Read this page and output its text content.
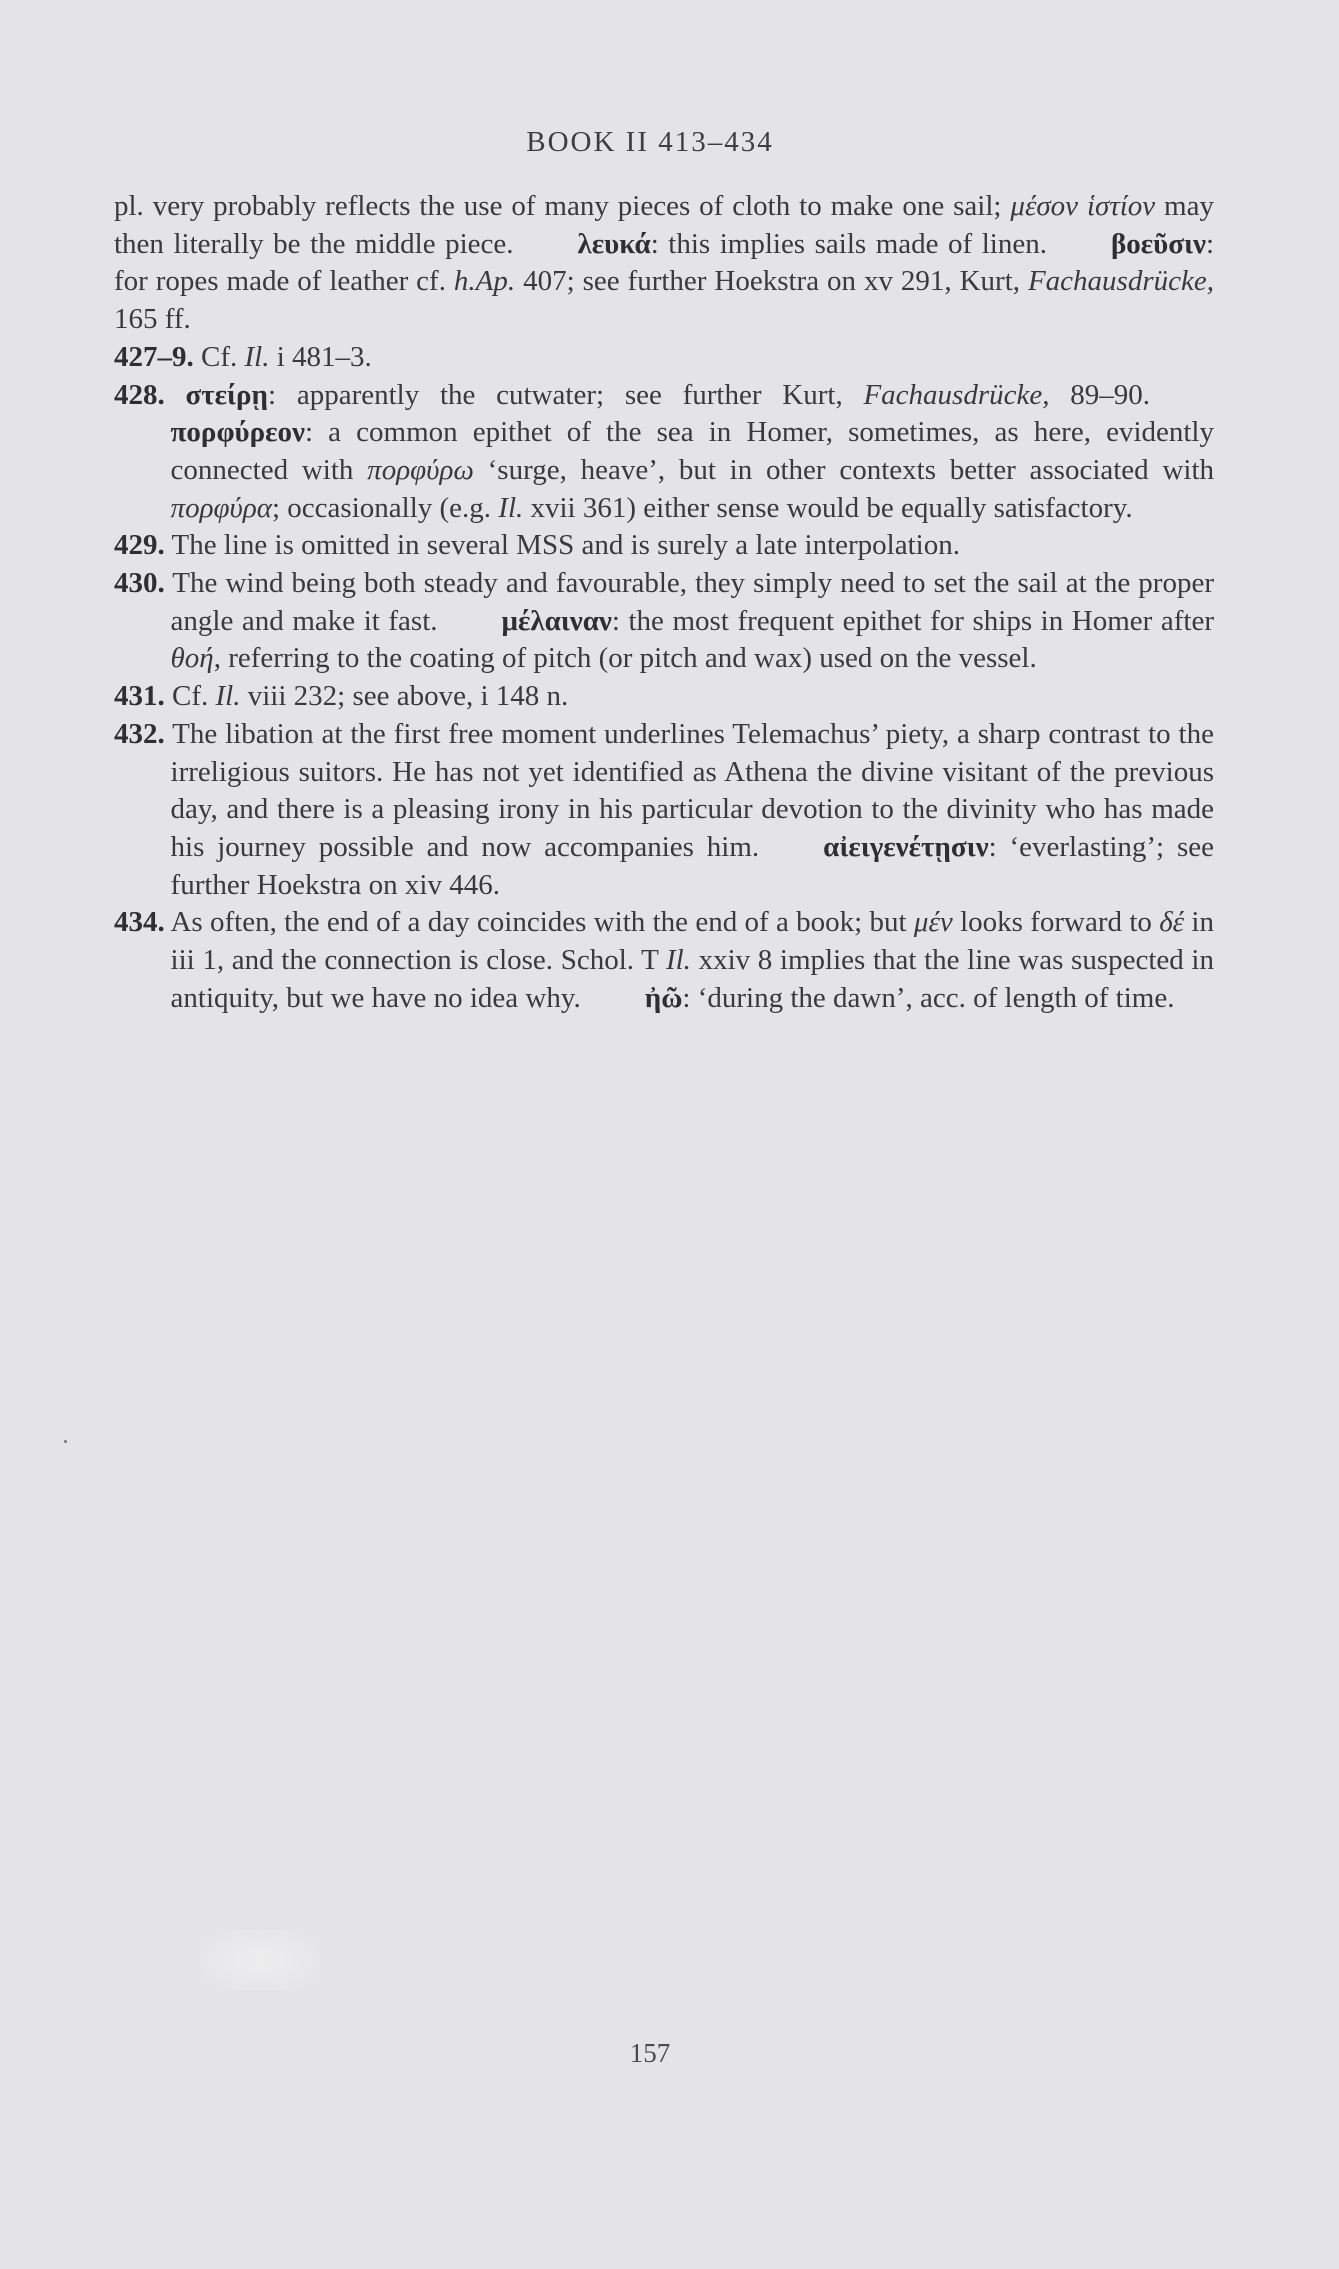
BOOK II 413–434

pl. very probably reflects the use of many pieces of cloth to make one sail; μέσον ἱστίον may then literally be the middle piece. λευκά: this implies sails made of linen. βοεῦσιν: for ropes made of leather cf. h.Ap. 407; see further Hoekstra on xv 291, Kurt, Fachausdrücke, 165 ff.

427–9. Cf. Il. i 481–3.

428. στείρῃ: apparently the cutwater; see further Kurt, Fachausdrücke, 89–90.πορφύρεον: a common epithet of the sea in Homer, sometimes, as here, evidently connected with πορφύρω ‘surge, heave’, but in other contexts better associated with πορφύρα; occasionally (e.g. Il. xvii 361) either sense would be equally satisfactory.

429. The line is omitted in several MSS and is surely a late interpolation.

430. The wind being both steady and favourable, they simply need to set the sail at the proper angle and make it fast. μέλαιναν: the most frequent epithet for ships in Homer after θοή, referring to the coating of pitch (or pitch and wax) used on the vessel.

431. Cf. Il. viii 232; see above, i 148 n.

432. The libation at the first free moment underlines Telemachus’ piety, a sharp contrast to the irreligious suitors. He has not yet identified as Athena the divine visitant of the previous day, and there is a pleasing irony in his particular devotion to the divinity who has made his journey possible and now accompanies him. αἰειγενέτῃσιν: ‘everlasting’; see further Hoekstra on xiv 446.

434. As often, the end of a day coincides with the end of a book; but μέν looks forward to δέ in iii 1, and the connection is close. Schol. T Il. xxiv 8 implies that the line was suspected in antiquity, but we have no idea why. ἠῶ: ‘during the dawn’, acc. of length of time.

157
